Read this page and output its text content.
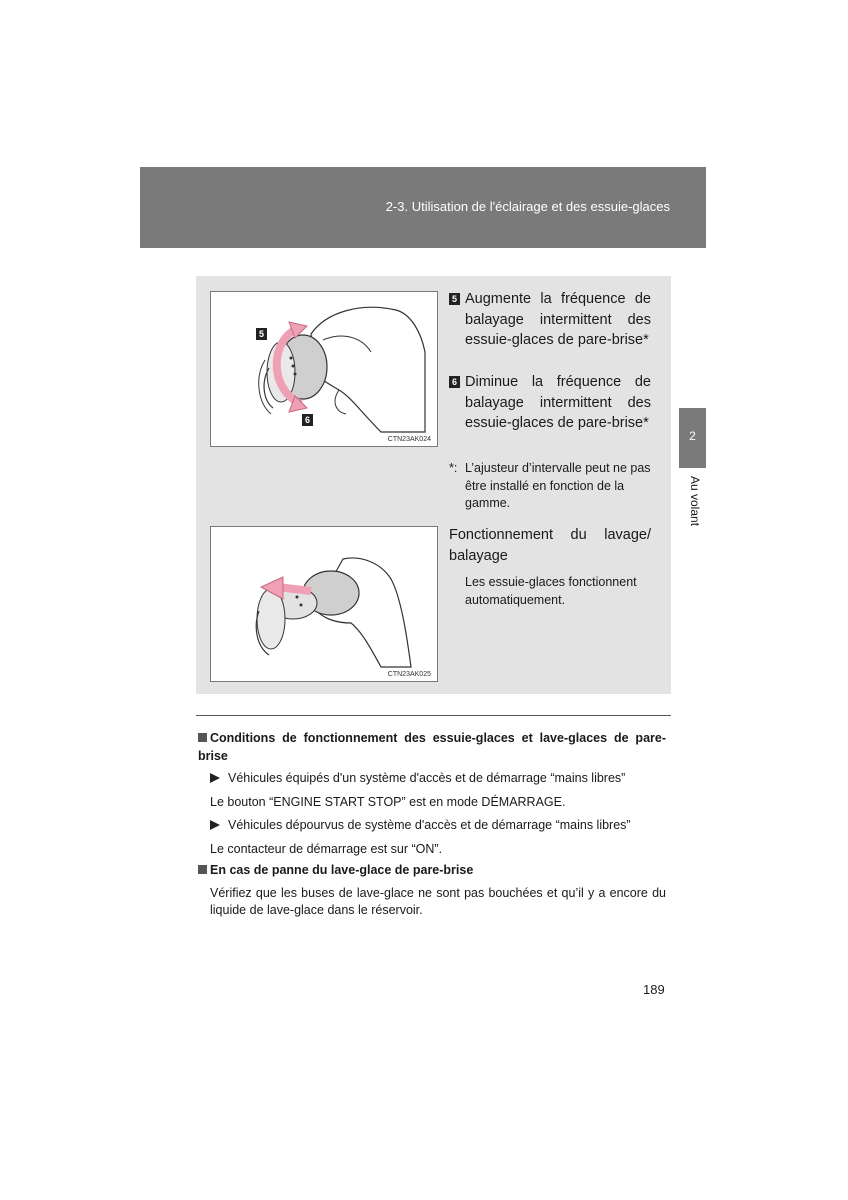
2-3. Utilisation de l'éclairage et des essuie-glaces
2
Au volant
5
6
CTN23AK024
CTN23AK025
5 Augmente la fréquence de balayage intermittent des essuie-glaces de pare-brise*
6 Diminue la fréquence de balayage intermittent des essuie-glaces de pare-brise*
*: L’ajusteur d’intervalle peut ne pas être installé en fonction de la gamme.
Fonctionnement du lavage/ balayage
Les essuie-glaces fonctionnent automatiquement.
Conditions de fonctionnement des essuie-glaces et lave-glaces de pare-brise
Véhicules équipés d'un système d'accès et de démarrage “mains libres”
Le bouton “ENGINE START STOP” est en mode DÉMARRAGE.
Véhicules dépourvus de système d'accès et de démarrage “mains libres”
Le contacteur de démarrage est sur “ON”.
En cas de panne du lave-glace de pare-brise
Vérifiez que les buses de lave-glace ne sont pas bouchées et qu’il y a encore du liquide de lave-glace dans le réservoir.
189
